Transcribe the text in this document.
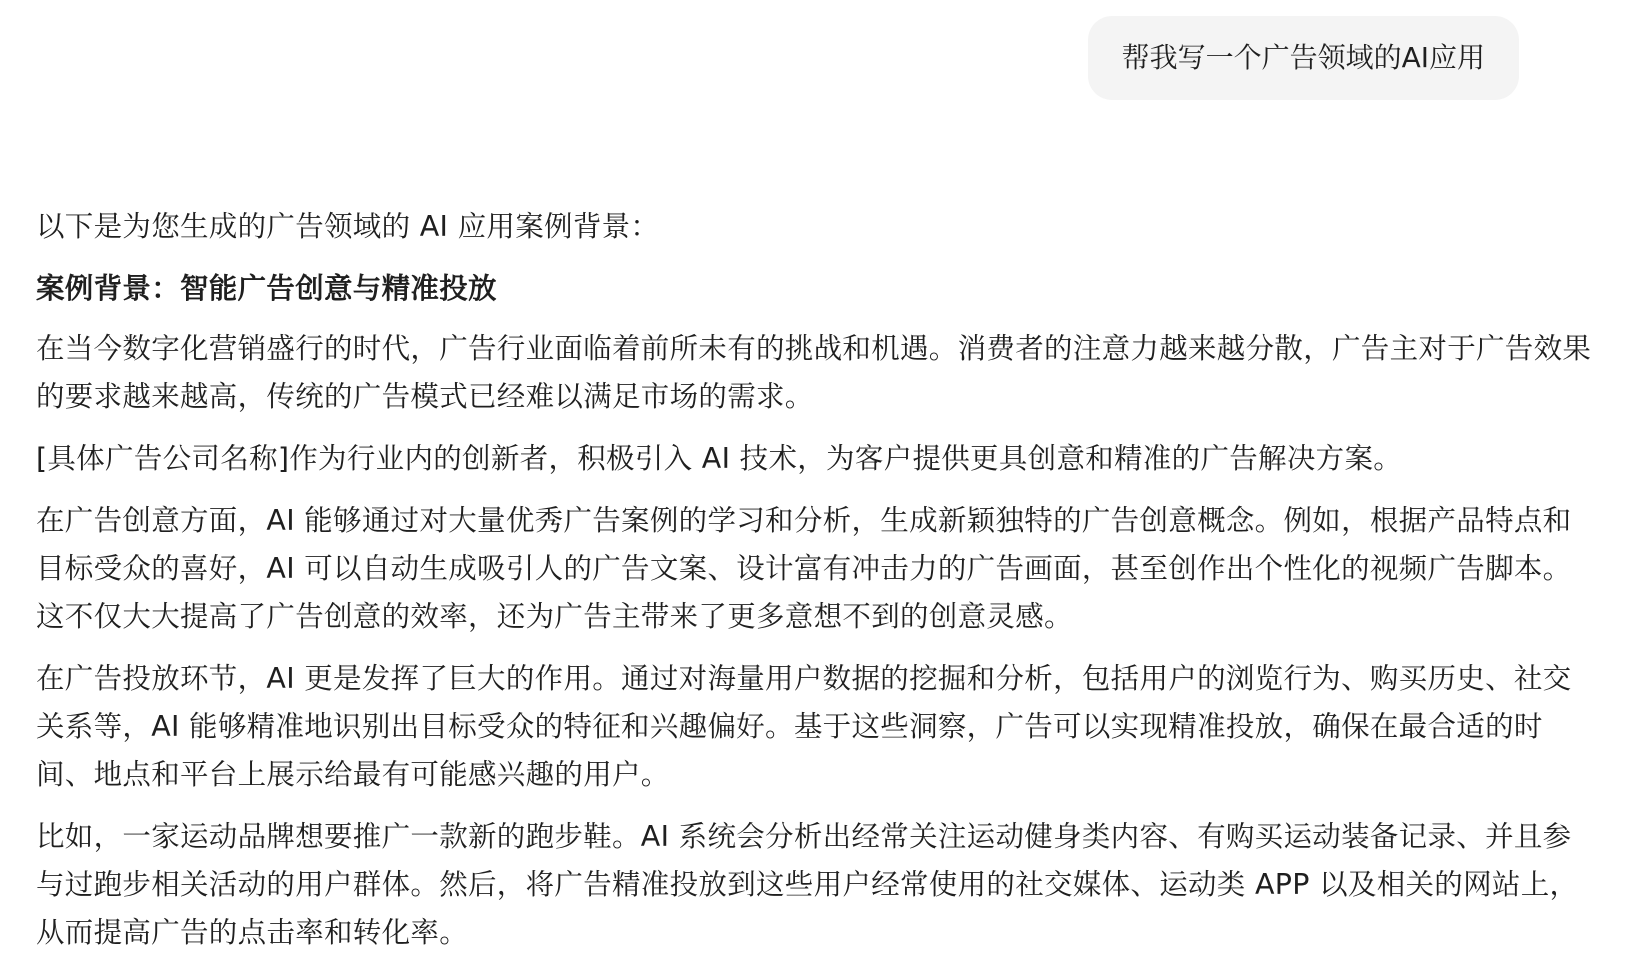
帮我写一个广告领域的AI应用

以下是为您生成的广告领域的 AI 应用案例背景：

案例背景：智能广告创意与精准投放

在当今数字化营销盛行的时代，广告行业面临着前所未有的挑战和机遇。消费者的注意力越来越分散，广告主对于广告效果的要求越来越高，传统的广告模式已经难以满足市场的需求。

[具体广告公司名称]作为行业内的创新者，积极引入 AI 技术，为客户提供更具创意和精准的广告解决方案。

在广告创意方面，AI 能够通过对大量优秀广告案例的学习和分析，生成新颖独特的广告创意概念。例如，根据产品特点和目标受众的喜好，AI 可以自动生成吸引人的广告文案、设计富有冲击力的广告画面，甚至创作出个性化的视频广告脚本。这不仅大大提高了广告创意的效率，还为广告主带来了更多意想不到的创意灵感。

在广告投放环节，AI 更是发挥了巨大的作用。通过对海量用户数据的挖掘和分析，包括用户的浏览行为、购买历史、社交关系等，AI 能够精准地识别出目标受众的特征和兴趣偏好。基于这些洞察，广告可以实现精准投放，确保在最合适的时间、地点和平台上展示给最有可能感兴趣的用户。

比如，一家运动品牌想要推广一款新的跑步鞋。AI 系统会分析出经常关注运动健身类内容、有购买运动装备记录、并且参与过跑步相关活动的用户群体。然后，将广告精准投放到这些用户经常使用的社交媒体、运动类 APP 以及相关的网站上，从而提高广告的点击率和转化率。
